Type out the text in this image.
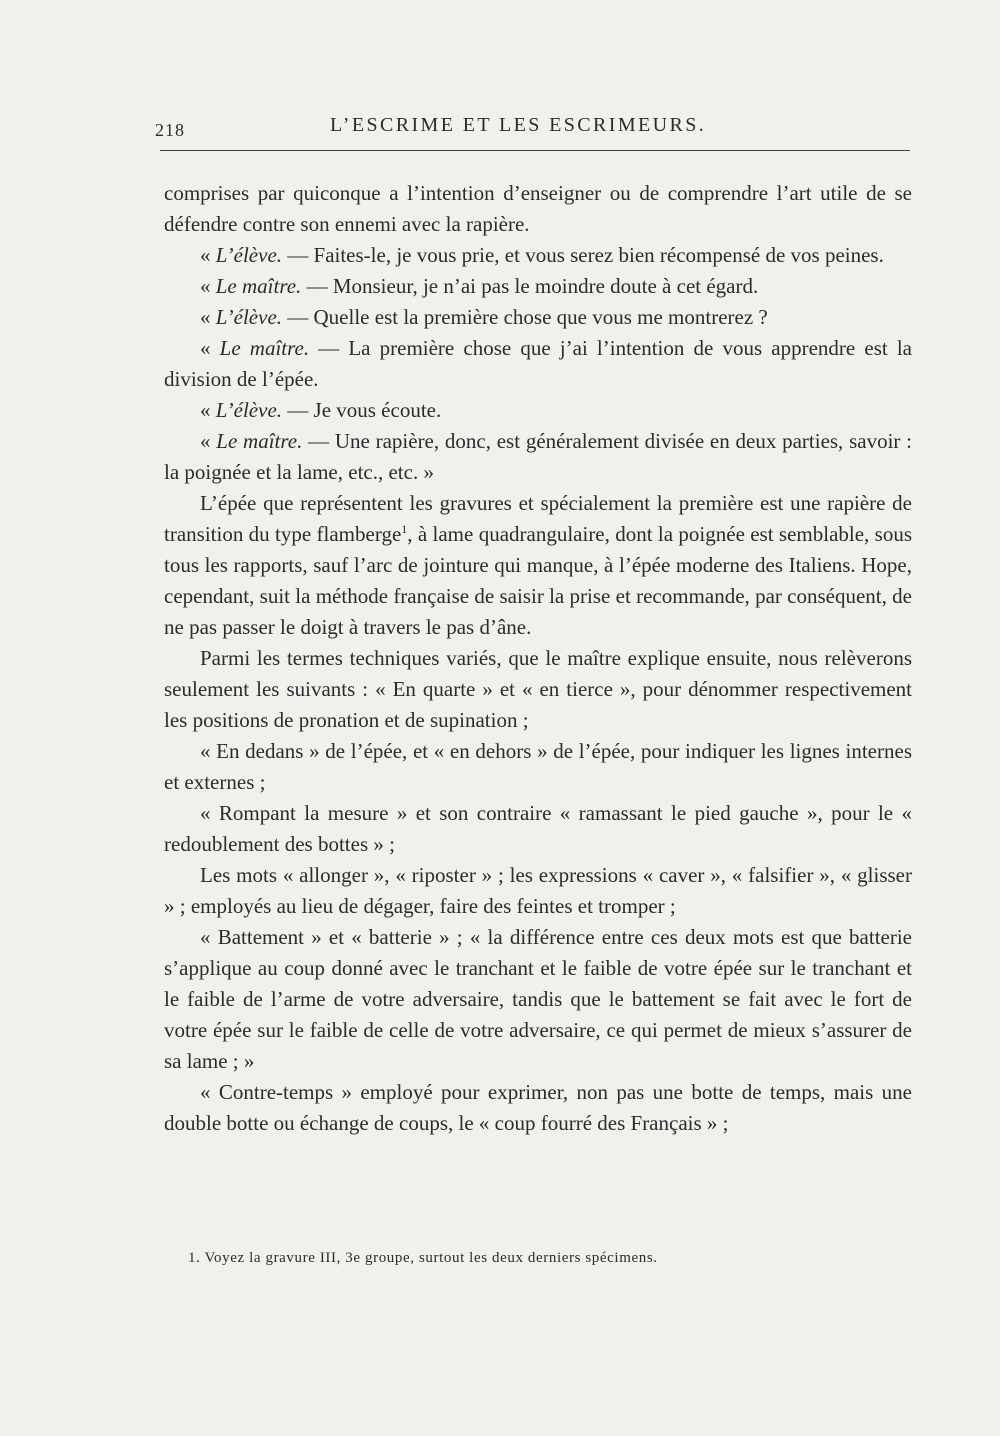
218	L’ESCRIME ET LES ESCRIMEURS.

comprises par quiconque a l’intention d’enseigner ou de comprendre l’art utile de se défendre contre son ennemi avec la rapière.

« L’élève. — Faites-le, je vous prie, et vous serez bien récompensé de vos peines.

« Le maître. — Monsieur, je n’ai pas le moindre doute à cet égard.

« L’élève. — Quelle est la première chose que vous me montrerez ?

« Le maître. — La première chose que j’ai l’intention de vous apprendre est la division de l’épée.

« L’élève. — Je vous écoute.

« Le maître. — Une rapière, donc, est généralement divisée en deux parties, savoir : la poignée et la lame, etc., etc. »

L’épée que représentent les gravures et spécialement la première est une rapière de transition du type flamberge$^1$, à lame quadrangulaire, dont la poignée est semblable, sous tous les rapports, sauf l’arc de jointure qui manque, à l’épée moderne des Italiens. Hope, cependant, suit la méthode française de saisir la prise et recommande, par conséquent, de ne pas passer le doigt à travers le pas d’âne.

Parmi les termes techniques variés, que le maître explique ensuite, nous relèverons seulement les suivants : « En quarte » et « en tierce », pour dénommer respectivement les positions de pronation et de supination ;

« En dedans » de l’épée, et « en dehors » de l’épée, pour indiquer les lignes internes et externes ;

« Rompant la mesure » et son contraire « ramassant le pied gauche », pour le « redoublement des bottes » ;

Les mots « allonger », « riposter » ; les expressions « caver », « falsifier », « glisser » ; employés au lieu de dégager, faire des feintes et tromper ;

« Battement » et « batterie » ; « la différence entre ces deux mots est que batterie s’applique au coup donné avec le tranchant et le faible de votre épée sur le tranchant et le faible de l’arme de votre adversaire, tandis que le battement se fait avec le fort de votre épée sur le faible de celle de votre adversaire, ce qui permet de mieux s’assurer de sa lame ; »

« Contre-temps » employé pour exprimer, non pas une botte de temps, mais une double botte ou échange de coups, le « coup fourré des Français » ;

1. Voyez la gravure III, 3e groupe, surtout les deux derniers spécimens.
